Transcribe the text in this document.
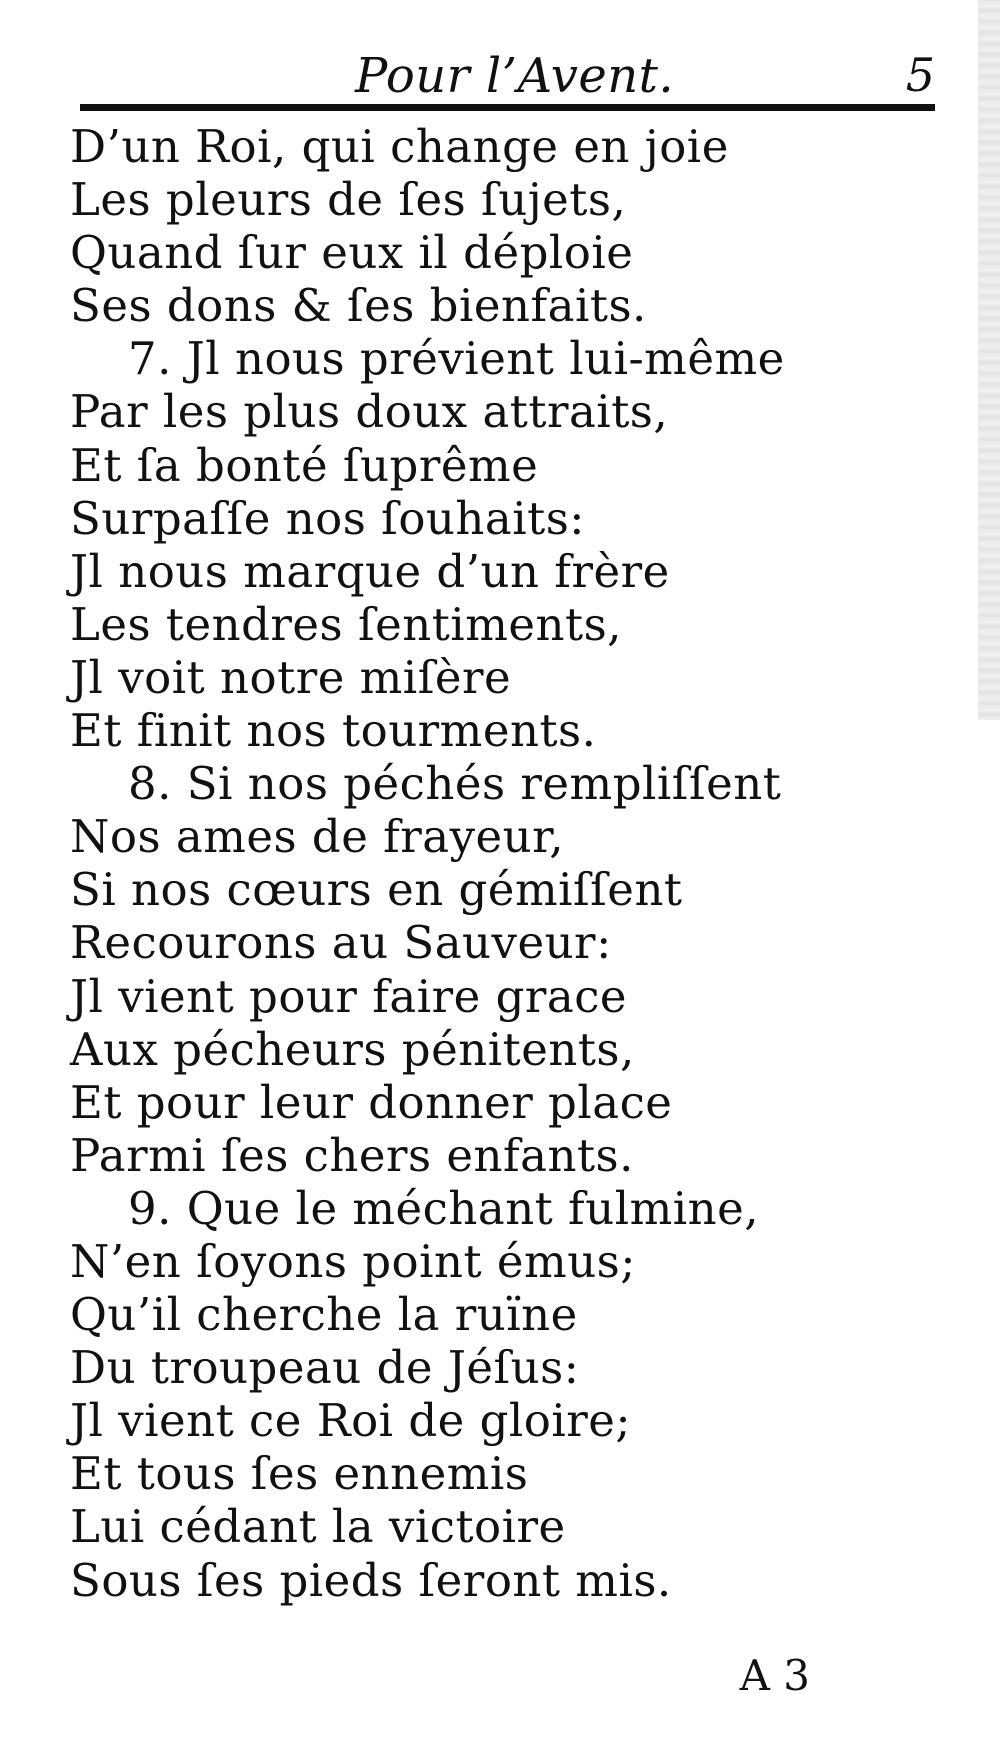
Pour l’Avent.	5
D’un Roi, qui change en joie
Les pleurs de ſes ſujets,
Quand ſur eux il déploie
Ses dons & ſes bienfaits.
7. Jl nous prévient lui-même
Par les plus doux attraits,
Et ſa bonté ſuprême
Surpaſſe nos ſouhaits:
Jl nous marque d’un frère
Les tendres ſentiments,
Jl voit notre miſère
Et finit nos tourments.
8. Si nos péchés rempliſſent
Nos ames de frayeur,
Si nos cœurs en gémiſſent
Recourons au Sauveur:
Jl vient pour faire grace
Aux pécheurs pénitents,
Et pour leur donner place
Parmi ſes chers enfants.
9. Que le méchant fulmine,
N’en ſoyons point émus;
Qu’il cherche la ruïne
Du troupeau de Jéſus:
Jl vient ce Roi de gloire;
Et tous ſes ennemis
Lui cédant la victoire
Sous ſes pieds ſeront mis.
A 3
